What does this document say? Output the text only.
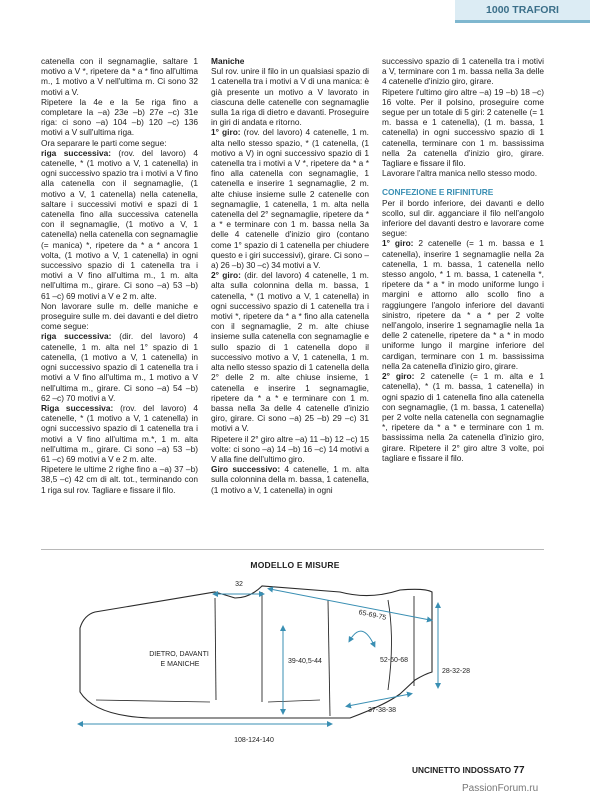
1000 TRAFORI

catenella con il segnamaglie, saltare 1 motivo a V *, ripetere da * a * fino all'ultima m., 1 motivo a V nell'ultima m. Ci sono 32 motivi a V.

Ripetere la 4e e la 5e riga fino a completare la –a) 23e –b) 27e –c) 31e riga: ci sono –a) 104 –b) 120 –c) 136 motivi a V sull'ultima riga.

Ora separare le parti come segue:

riga successiva: (rov. del lavoro) 4 catenelle, * (1 motivo a V, 1 catenella) in ogni successivo spazio tra i motivi a V fino alla catenella con il segnamaglie, (1 motivo a V, 1 catenella) nella catenella, saltare i successivi motivi e spazi di 1 catenella fino alla successiva catenella con il segnamaglie, (1 motivo a V, 1 catenella) nella catenella con segnamaglie (= manica) *, ripetere da * a * ancora 1 volta, (1 motivo a V, 1 catenella) in ogni successivo spazio di 1 catenella tra i motivi a V fino all'ultima m., 1 m. alta nell'ultima m., girare. Ci sono –a) 53 –b) 61 –c) 69 motivi a V e 2 m. alte.

Non lavorare sulle m. delle maniche e proseguire sulle m. dei davanti e del dietro come segue:

riga successiva: (dir. del lavoro) 4 catenelle, 1 m. alta nel 1° spazio di 1 catenella, (1 motivo a V, 1 catenella) in ogni successivo spazio di 1 catenella tra i motivi a V fino all'ultima m., 1 motivo a V nell'ultima m., girare. Ci sono –a) 54 –b) 62 –c) 70 motivi a V.

Riga successiva: (rov. del lavoro) 4 catenelle, * (1 motivo a V, 1 catenella) in ogni successivo spazio di 1 catenella tra i motivi a V fino all'ultima m.*, 1 m. alta nell'ultima m., girare. Ci sono –a) 53 –b) 61 –c) 69 motivi a V e 2 m. alte.

Ripetere le ultime 2 righe fino a –a) 37 –b) 38,5 –c) 42 cm di alt. tot., terminando con 1 riga sul rov. Tagliare e fissare il filo.

Maniche

Sul rov. unire il filo in un qualsiasi spazio di 1 catenella tra i motivi a V di una manica: è già presente un motivo a V lavorato in ciascuna delle catenelle con segnamaglie sulla 1a riga di dietro e davanti. Proseguire in giri di andata e ritorno.

1° giro: (rov. del lavoro) 4 catenelle, 1 m. alta nello stesso spazio, * (1 catenella, (1 motivo a V) in ogni successivo spazio di 1 catenella tra i motivi a V *, ripetere da * a * fino alla catenella con segnamaglie, 1 catenella e inserire 1 segnamaglie, 2 m. alte chiuse insieme sulle 2 catenelle con segnamaglie, 1 catenella, 1 m. alta nella catenella del 2° segnamaglie, ripetere da * a * e terminare con 1 m. bassa nella 3a delle 4 catenelle d'inizio giro (contano come 1° spazio di 1 catenella per chiudere questo e i giri successivi), girare. Ci sono –a) 26 –b) 30 –c) 34 motivi a V.

2° giro: (dir. del lavoro) 4 catenelle, 1 m. alta sulla colonnina della m. bassa, 1 catenella, * (1 motivo a V, 1 catenella) in ogni successivo spazio di 1 catenella tra i motivi *, ripetere da * a * fino alla catenella con il segnamaglie, 2 m. alte chiuse insieme sulla catenella con segnamaglie e sullo spazio di 1 catenella dopo il successivo motivo a V, 1 catenella, 1 m. alta nello stesso spazio di 1 catenella della 2° delle 2 m. alte chiuse insieme, 1 catenella e inserire 1 segnamaglie, ripetere da * a * e terminare con 1 m. bassa nella 3a delle 4 catenelle d'inizio giro, girare. Ci sono –a) 25 –b) 29 –c) 31 motivi a V.

Ripetere il 2° giro altre –a) 11 –b) 12 –c) 15 volte: ci sono –a) 14 –b) 16 –c) 14 motivi a V alla fine dell'ultimo giro.

Giro successivo: 4 catenelle, 1 m. alta sulla colonnina della m. bassa, 1 catenella, (1 motivo a V, 1 catenella) in ogni

successivo spazio di 1 catenella tra i motivi a V, terminare con 1 m. bassa nella 3a delle 4 catenelle d'inizio giro, girare.

Ripetere l'ultimo giro altre –a) 19 –b) 18 –c) 16 volte. Per il polsino, proseguire come segue per un totale di 5 giri: 2 catenelle (= 1 m. bassa e 1 catenella), (1 m. bassa, 1 catenella) in ogni successivo spazio di 1 catenella, terminare con 1 m. bassissima nella 2a catenella d'inizio giro, girare. Tagliare e fissare il filo.

Lavorare l'altra manica nello stesso modo.

CONFEZIONE E RIFINITURE

Per il bordo inferiore, dei davanti e dello scollo, sul dir. agganciare il filo nell'angolo inferiore del davanti destro e lavorare come segue:

1° giro: 2 catenelle (= 1 m. bassa e 1 catenella), inserire 1 segnamaglie nella 2a catenella, 1 m. bassa, 1 catenella nello stesso angolo, * 1 m. bassa, 1 catenella *, ripetere da * a * in modo uniforme lungo i margini e attorno allo scollo fino a raggiungere l'angolo inferiore del davanti sinistro, ripetere da * a * per 2 volte nell'angolo, inserire 1 segnamaglie nella 1a delle 2 catenelle, ripetere da * a * in modo uniforme lungo il margine inferiore del cardigan, terminare con 1 m. bassissima nella 2a catenella d'inizio giro, girare.

2° giro: 2 catenelle (= 1 m. alta e 1 catenella), * (1 m. bassa, 1 catenella) in ogni spazio di 1 catenella fino alla catenella con segnamaglie, (1 m. bassa, 1 catenella) per 2 volte nella catenella con segnamaglie *, ripetere da * a * e terminare con 1 m. bassissima nella 2a catenella d'inizio giro, girare. Ripetere il 2° giro altre 3 volte, poi tagliare e fissare il filo.

MODELLO E MISURE
DIETRO, DAVANTI E MANICHE
32
65-69-75
39-40,5-44	52-60-68
28-32-28
37-38-38
108-124-140
UNCINETTO INDOSSATO 77
PassionForum.ru
